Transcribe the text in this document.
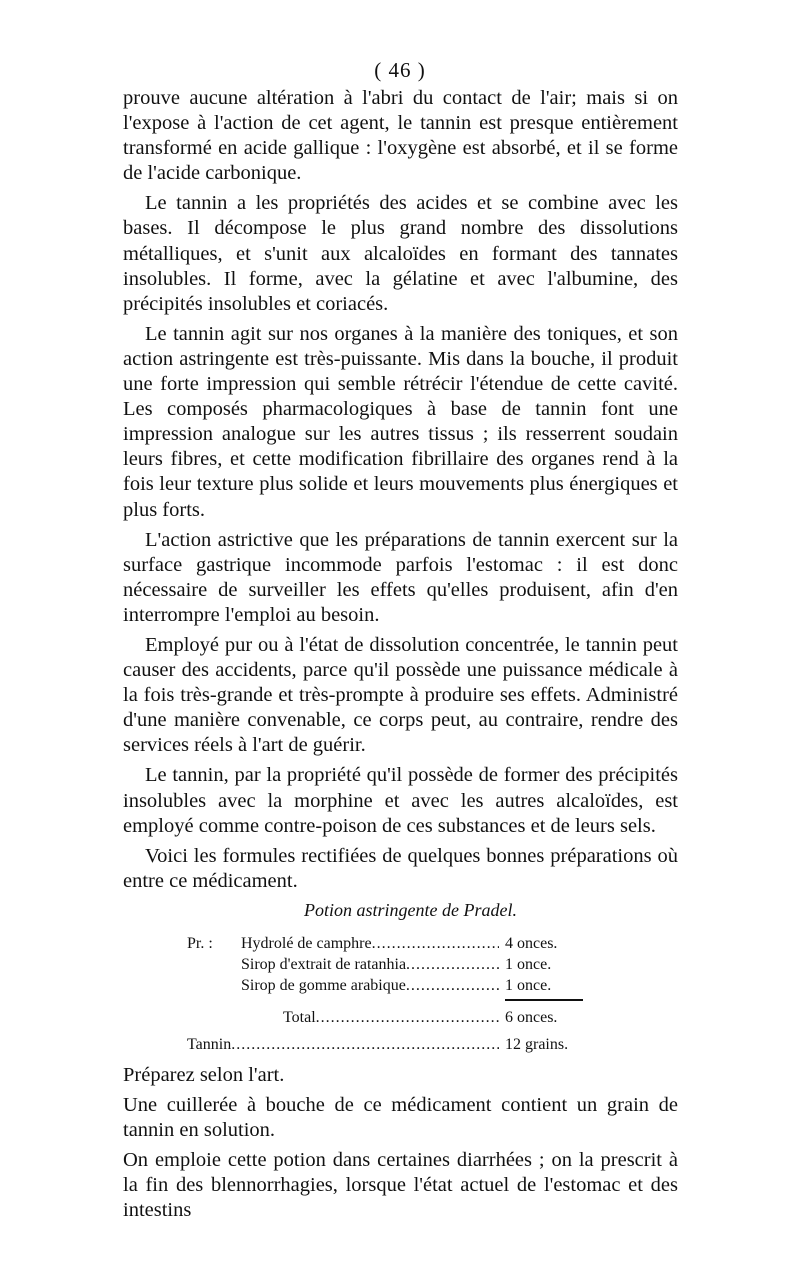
( 46 )

prouve aucune altération à l'abri du contact de l'air; mais si on l'expose à l'action de cet agent, le tannin est presque entièrement transformé en acide gallique : l'oxygène est absorbé, et il se forme de l'acide carbonique.

Le tannin a les propriétés des acides et se combine avec les bases. Il décompose le plus grand nombre des dissolutions métalliques, et s'unit aux alcaloïdes en formant des tannates insolubles. Il forme, avec la gélatine et avec l'albumine, des précipités insolubles et coriacés.

Le tannin agit sur nos organes à la manière des toniques, et son action astringente est très-puissante. Mis dans la bouche, il produit une forte impression qui semble rétrécir l'étendue de cette cavité. Les composés pharmacologiques à base de tannin font une impression analogue sur les autres tissus ; ils resserrent soudain leurs fibres, et cette modification fibrillaire des organes rend à la fois leur texture plus solide et leurs mouvements plus énergiques et plus forts.

L'action astrictive que les préparations de tannin exercent sur la surface gastrique incommode parfois l'estomac : il est donc nécessaire de surveiller les effets qu'elles produisent, afin d'en interrompre l'emploi au besoin.

Employé pur ou à l'état de dissolution concentrée, le tannin peut causer des accidents, parce qu'il possède une puissance médicale à la fois très-grande et très-prompte à produire ses effets. Administré d'une manière convenable, ce corps peut, au contraire, rendre des services réels à l'art de guérir.

Le tannin, par la propriété qu'il possède de former des précipités insolubles avec la morphine et avec les autres alcaloïdes, est employé comme contre-poison de ces substances et de leurs sels.

Voici les formules rectifiées de quelques bonnes préparations où entre ce médicament.

Potion astringente de Pradel.

Pr. :	Hydrolé de camphre .....	4 onces.
Sirop d'extrait de ratanhia .....	1 once.
Sirop de gomme arabique .....	1 once.
Total .....	6 onces.
Tannin .....	12 grains.

Préparez selon l'art.

Une cuillerée à bouche de ce médicament contient un grain de tannin en solution.

On emploie cette potion dans certaines diarrhées ; on la prescrit à la fin des blennorrhagies, lorsque l'état actuel de l'estomac et des intestins
